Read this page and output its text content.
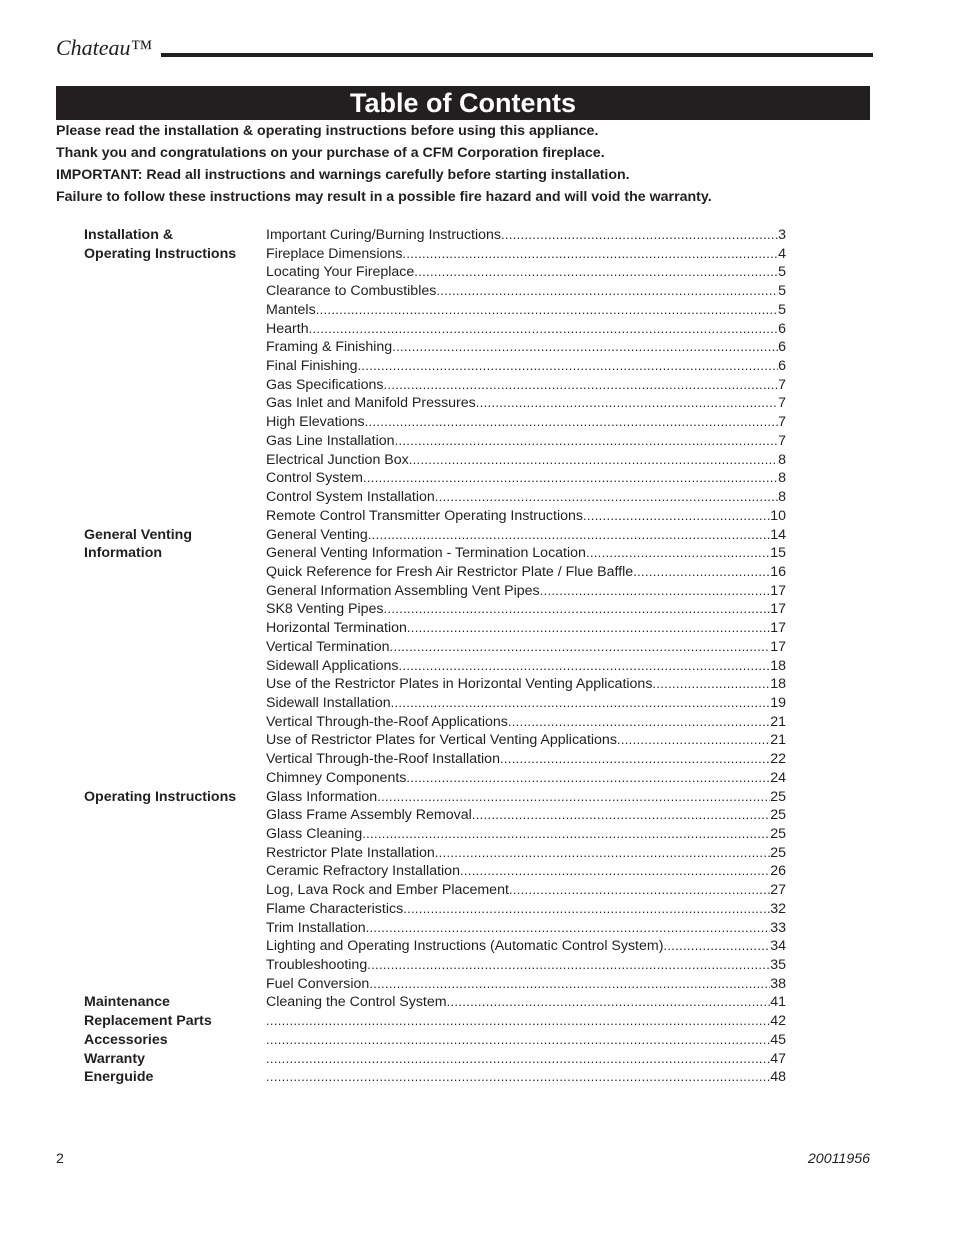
Chateau™
Table of Contents

Please read the installation & operating instructions before using this appliance.

Thank you and congratulations on your purchase of a CFM Corporation fireplace.

IMPORTANT: Read all instructions and warnings carefully before starting installation.

Failure to follow these instructions may result in a possible fire hazard and will void the warranty.

Installation &
Operating Instructions
Important Curing/Burning Instructions .....	3
Fireplace Dimensions .....	4
Locating Your Fireplace .....	5
Clearance to Combustibles .....	5
Mantels .....	5
Hearth .....	6
Framing & Finishing .....	6
Final Finishing .....	6
Gas Specifications .....	7
Gas Inlet and Manifold Pressures .....	7
High Elevations .....	7
Gas Line Installation .....	7
Electrical Junction Box .....	8
Control System .....	8
Control System Installation .....	8
Remote Control Transmitter Operating Instructions .....	10
General Venting
Information
General Venting .....	14
General Venting Information - Termination Location .....	15
Quick Reference for Fresh Air Restrictor Plate / Flue Baffle .....	16
General Information Assembling Vent Pipes .....	17
SK8 Venting Pipes .....	17
Horizontal Termination .....	17
Vertical Termination .....	17
Sidewall Applications .....	18
Use of the Restrictor Plates in Horizontal Venting Applications .....	18
Sidewall Installation .....	19
Vertical Through-the-Roof Applications .....	21
Use of Restrictor Plates for Vertical Venting Applications .....	21
Vertical Through-the-Roof Installation .....	22
Chimney Components .....	24
Operating Instructions	Glass Information .....	25
Glass Frame Assembly Removal .....	25
Glass Cleaning .....	25
Restrictor Plate Installation .....	25
Ceramic Refractory Installation .....	26
Log, Lava Rock and Ember Placement .....	27
Flame Characteristics .....	32
Trim Installation .....	33
Lighting and Operating Instructions (Automatic Control System) .....	34
Troubleshooting .....	35
Fuel Conversion .....	38
Maintenance	Cleaning the Control System .....	41
Replacement Parts .....	42
Accessories .....	45
Warranty .....	47
Energuide .....	48
2	20011956
